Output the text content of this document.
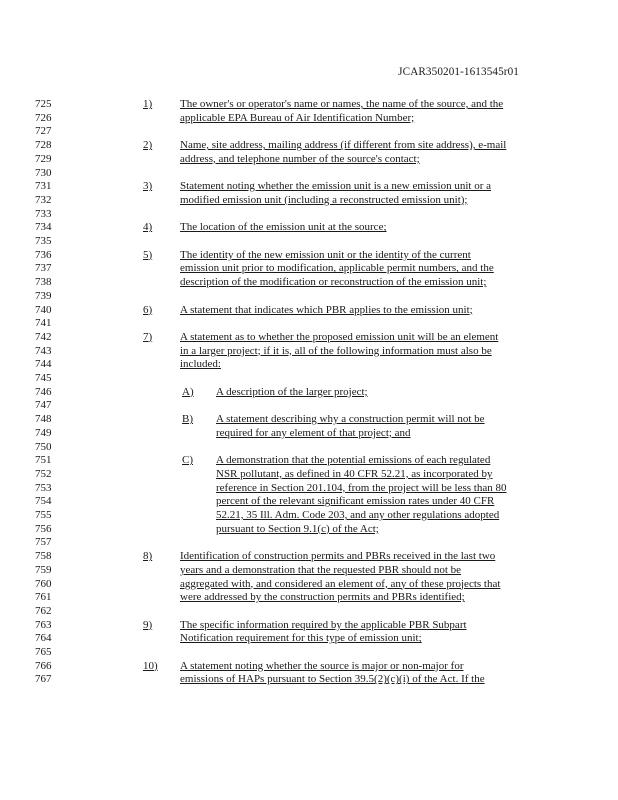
JCAR350201-1613545r01
725
726
727
728
729
730
731
732
733
734
735
736
737
738
739
740
741
742
743
744
745
746
747
748
749
750
751
752
753
754
755
756
757
758
759
760
761
762
763
764
765
766
767
1)	The owner's or operator's name or names, the name of the source, and the
applicable EPA Bureau of Air Identification Number;
2)	Name, site address, mailing address (if different from site address), e-mail
address, and telephone number of the source's contact;
3)	Statement noting whether the emission unit is a new emission unit or a
modified emission unit (including a reconstructed emission unit);
4)	The location of the emission unit at the source;
5)	The identity of the new emission unit or the identity of the current
emission unit prior to modification, applicable permit numbers, and the
description of the modification or reconstruction of the emission unit;
6)	A statement that indicates which PBR applies to the emission unit;
7)	A statement as to whether the proposed emission unit will be an element
in a larger project; if it is, all of the following information must also be
included:
A) A description of the larger project;
B) A statement describing why a construction permit will not be
required for any element of that project; and
C) A demonstration that the potential emissions of each regulated
NSR pollutant, as defined in 40 CFR 52.21, as incorporated by
reference in Section 201.104, from the project will be less than 80
percent of the relevant significant emission rates under 40 CFR
52.21, 35 Ill. Adm. Code 203, and any other regulations adopted
pursuant to Section 9.1(c) of the Act;
8)	Identification of construction permits and PBRs received in the last two
years and a demonstration that the requested PBR should not be
aggregated with, and considered an element of, any of these projects that
were addressed by the construction permits and PBRs identified;
9)	The specific information required by the applicable PBR Subpart
Notification requirement for this type of emission unit;
10) A statement noting whether the source is major or non-major for
emissions of HAPs pursuant to Section 39.5(2)(c)(i) of the Act. If the
